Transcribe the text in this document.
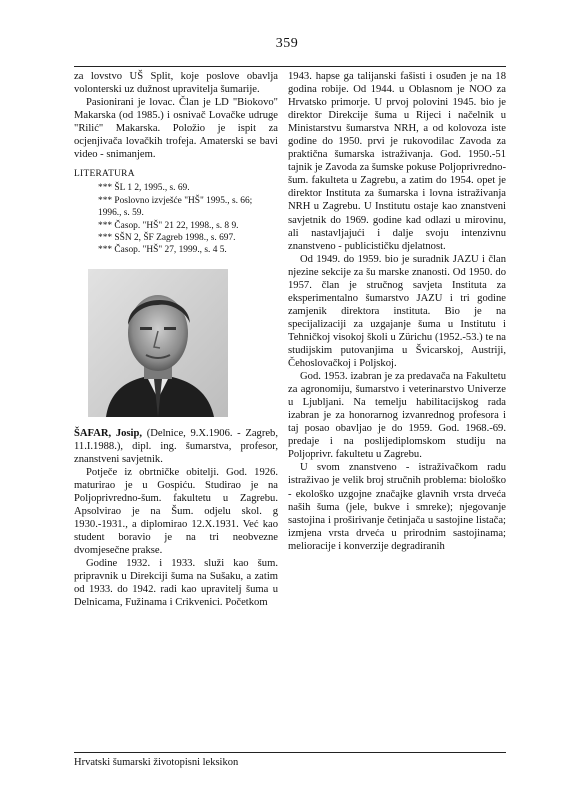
359

za lovstvo UŠ Split, koje poslove obavlja volonterski uz dužnost upravitelja šumarije.

Pasionirani je lovac. Član je LD "Biokovo" Makarska (od 1985.) i osnivač Lovačke udruge "Rilić" Makarska. Položio je ispit za ocjenjivača lovačkih trofeja. Amaterski se bavi video - snimanjem.

LITERATURA
*** ŠL 1 2, 1995., s. 69.
*** Poslovno izvješće "HŠ" 1995., s. 66; 1996., s. 59.
*** Časop. "HŠ" 21 22, 1998., s. 8 9.
*** SŠN 2, ŠF Zagreb 1998., s. 697.
*** Časop. "HŠ" 27, 1999., s. 4 5.

ŠAFAR, Josip, (Delnice, 9.X.1906. - Zagreb, 11.I.1988.), dipl. ing. šumarstva, profesor, znanstveni savjetnik.

Potječe iz obrtničke obitelji. God. 1926. maturirao je u Gospiću. Studirao je na Poljoprivredno-šum. fakultetu u Zagrebu. Apsolvirao je na Šum. odjelu skol. g 1930.-1931., a diplomirao 12.X.1931. Već kao student boravio je na tri neobvezne dvomjesečne prakse.

Godine 1932. i 1933. služi kao šum. pripravnik u Direkciji šuma na Sušaku, a zatim od 1933. do 1942. radi kao upravitelj šuma u Delnicama, Fužinama i Crikvenici. Početkom

1943. hapse ga talijanski fašisti i osuđen je na 18 godina robije. Od 1944. u Oblasnom je NOO za Hrvatsko primorje. U prvoj polovini 1945. bio je direktor Direkcije šuma u Rijeci i načelnik u Ministarstvu šumarstva NRH, a od kolovoza iste godine do 1950. prvi je rukovodilac Zavoda za praktična šumarska istraživanja. God. 1950.-51 tajnik je Zavoda za šumske pokuse Poljoprivredno-šum. fakulteta u Zagrebu, a zatim do 1954. opet je direktor Instituta za šumarska i lovna istraživanja NRH u Zagrebu. U Institutu ostaje kao znanstveni savjetnik do 1969. godine kad odlazi u mirovinu, ali nastavljajući i dalje svoju intenzivnu znanstveno - publicističku djelatnost.

Od 1949. do 1959. bio je suradnik JAZU i član njezine sekcije za šu marske znanosti. Od 1950. do 1957. član je stručnog savjeta Instituta za eksperimentalno šumarstvo JAZU i tri godine zamjenik direktora instituta. Bio je na specijalizaciji za uzgajanje šuma u Institutu i Tehničkoj visokoj školi u Zürichu (1952.-53.) te na studijskim putovanjima u Švicarskoj, Austriji, Čehoslovačkoj i Poljskoj.

God. 1953. izabran je za predavača na Fakultetu za agronomiju, šumarstvo i veterinarstvo Univerze u Ljubljani. Na temelju habilitacijskog rada izabran je za honorarnog izvanrednog profesora i taj posao obavljao je do 1959. God. 1968.-69. predaje i na poslijediplomskom studiju na Poljoprivr. fakultetu u Zagrebu.

U svom znanstveno - istraživačkom radu istraživao je velik broj stručnih problema: biološko - ekološko uzgojne značajke glavnih vrsta drveća naših šuma (jele, bukve i smreke); njegovanje sastojina i proširivanje četinjača u sastojine listača; izmjena vrsta drveća u prirodnim sastojinama; melioracije i konverzije degradiranih

Hrvatski šumarski životopisni leksikon
